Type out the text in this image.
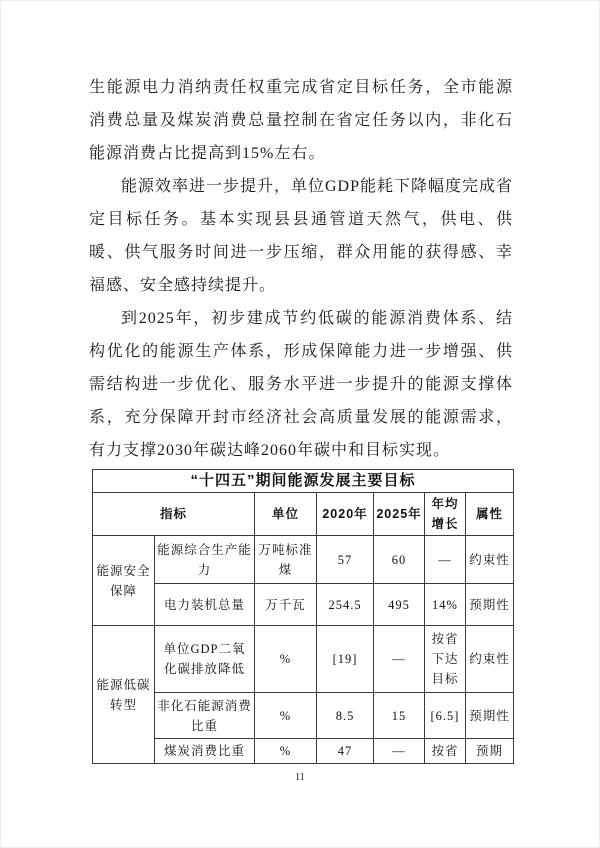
生能源电力消纳责任权重完成省定目标任务，全市能源消费总量及煤炭消费总量控制在省定任务以内，非化石能源消费占比提高到15%左右。

能源效率进一步提升，单位GDP能耗下降幅度完成省定目标任务。基本实现县县通管道天然气，供电、供暖、供气服务时间进一步压缩，群众用能的获得感、幸福感、安全感持续提升。

到2025年，初步建成节约低碳的能源消费体系、结构优化的能源生产体系，形成保障能力进一步增强、供需结构进一步优化、服务水平进一步提升的能源支撑体系，充分保障开封市经济社会高质量发展的能源需求，有力支撑2030年碳达峰2060年碳中和目标实现。

“十四五”期间能源发展主要目标						
指标		单位	2020年	2025年	年均增长	属性
能源安全保障	能源综合生产能力	万吨标准煤	57	60	—	约束性
	电力装机总量	万千瓦	254.5	495	14%	预期性
能源低碳转型	单位GDP二氧化碳排放降低	%	[19]	—	按省下达目标	约束性
	非化石能源消费比重	%	8.5	15	[6.5]	预期性
	煤炭消费比重	%	47	—	按省	预期
11
